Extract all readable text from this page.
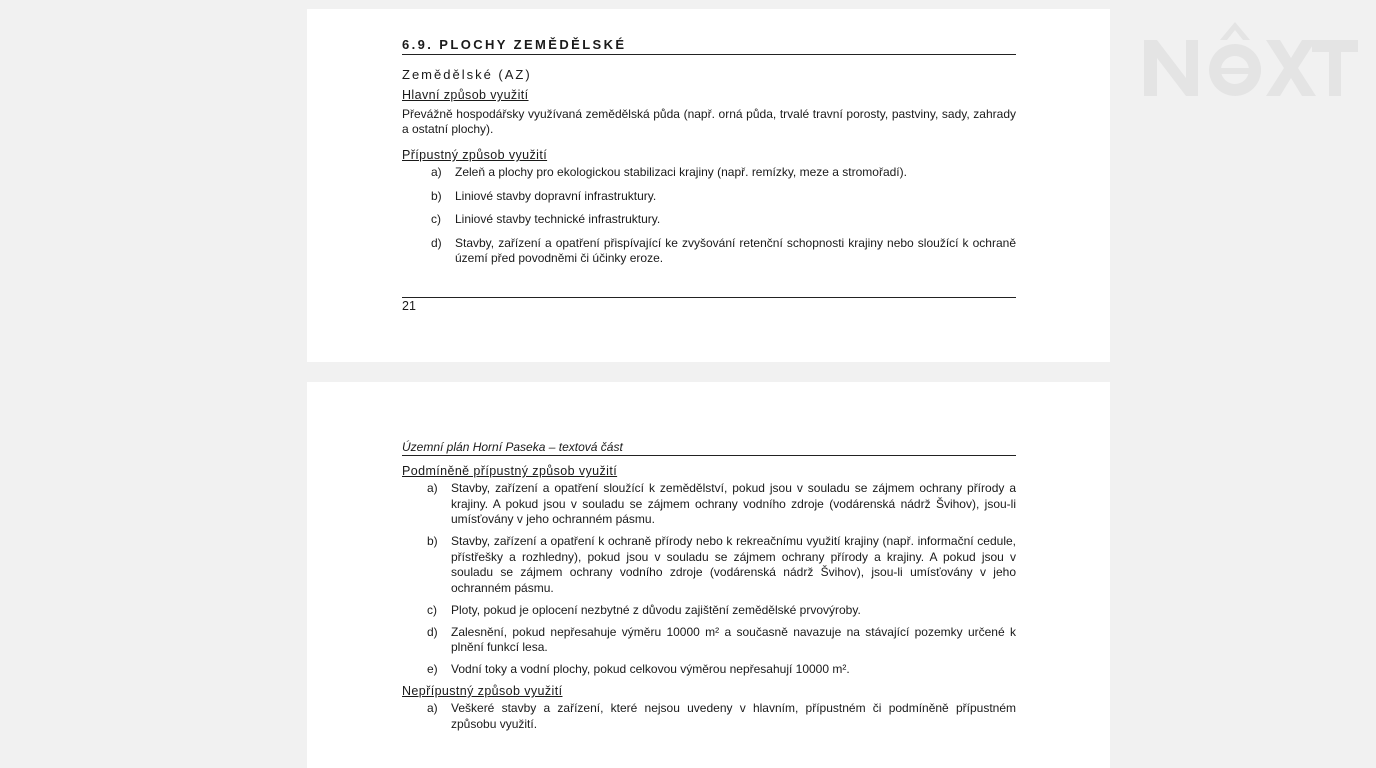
6.9. PLOCHY ZEMĚDĚLSKÉ
Zemědělské (AZ)
Hlavní způsob využití
Převážně hospodářsky využívaná zemědělská půda (např. orná půda, trvalé travní porosty, pastviny, sady, zahrady a ostatní plochy).
Přípustný způsob využití
a) Zeleň a plochy pro ekologickou stabilizaci krajiny (např. remízky, meze a stromořadí).
b) Liniové stavby dopravní infrastruktury.
c) Liniové stavby technické infrastruktury.
d) Stavby, zařízení a opatření přispívající ke zvyšování retenční schopnosti krajiny nebo sloužící k ochraně území před povodněmi či účinky eroze.
21
Územní plán Horní Paseka – textová část
Podmíněně přípustný způsob využití
a) Stavby, zařízení a opatření sloužící k zemědělství, pokud jsou v souladu se zájmem ochrany přírody a krajiny. A pokud jsou v souladu se zájmem ochrany vodního zdroje (vodárenská nádrž Švihov), jsou-li umísťovány v jeho ochranném pásmu.
b) Stavby, zařízení a opatření k ochraně přírody nebo k rekreačnímu využití krajiny (např. informační cedule, přístřešky a rozhledny), pokud jsou v souladu se zájmem ochrany přírody a krajiny. A pokud jsou v souladu se zájmem ochrany vodního zdroje (vodárenská nádrž Švihov), jsou-li umísťovány v jeho ochranném pásmu.
c) Ploty, pokud je oplocení nezbytné z důvodu zajištění zemědělské prvovýroby.
d) Zalesnění, pokud nepřesahuje výměru 10000 m² a současně navazuje na stávající pozemky určené k plnění funkcí lesa.
e) Vodní toky a vodní plochy, pokud celkovou výměrou nepřesahují 10000 m².
Nepřípustný způsob využití
a) Veškeré stavby a zařízení, které nejsou uvedeny v hlavním, přípustném či podmíněně přípustném způsobu využití.
